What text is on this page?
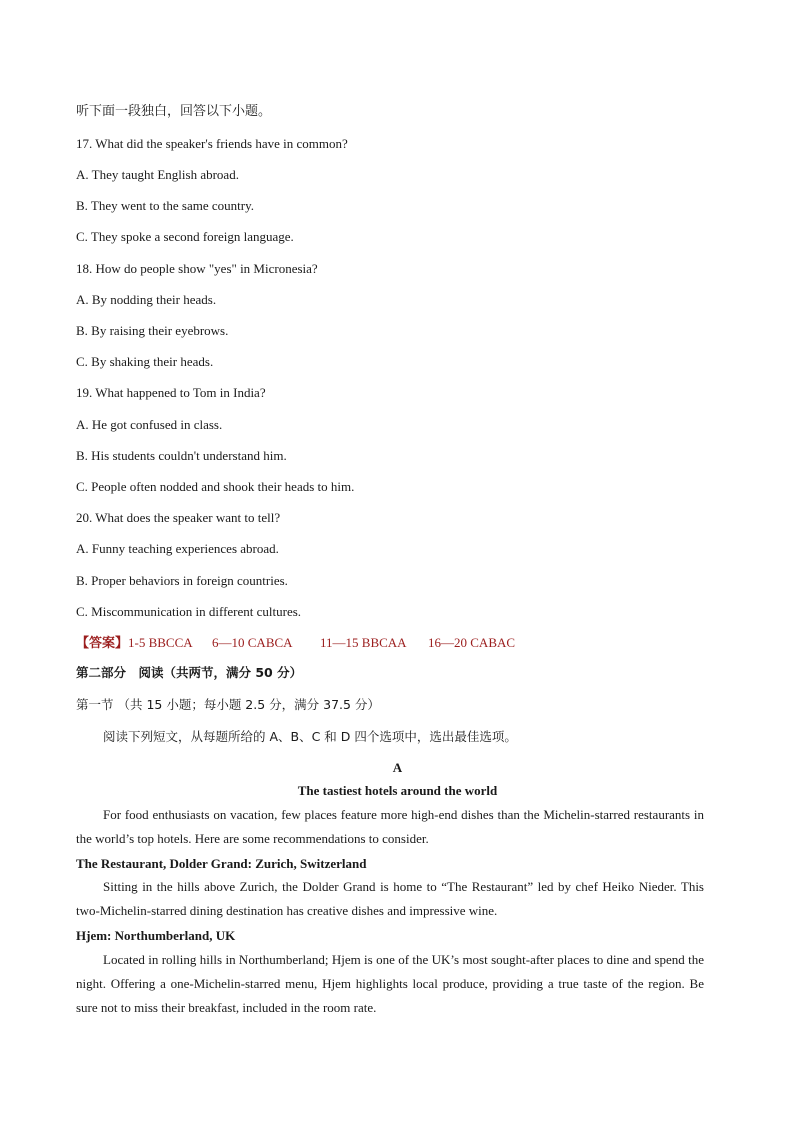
听下面一段独白，回答以下小题。
17. What did the speaker's friends have in common?
A. They taught English abroad.
B. They went to the same country.
C. They spoke a second foreign language.
18. How do people show "yes" in Micronesia?
A. By nodding their heads.
B. By raising their eyebrows.
C. By shaking their heads.
19. What happened to Tom in India?
A. He got confused in class.
B. His students couldn't understand him.
C. People often nodded and shook their heads to him.
20. What does the speaker want to tell?
A. Funny teaching experiences abroad.
B. Proper behaviors in foreign countries.
C. Miscommunication in different cultures.
【答案】1-5 BBCCA 6—10 CABCA 11—15 BBCAA 16—20 CABAC
第二部分　阅读（共两节，满分 50 分）
第一节 （共 15 小题；每小题 2.5 分，满分 37.5 分）
阅读下列短文，从每题所给的 A、B、C 和 D 四个选项中，选出最佳选项。
A
The tastiest hotels around the world
For food enthusiasts on vacation, few places feature more high-end dishes than the Michelin-starred restaurants in the world’s top hotels. Here are some recommendations to consider.
The Restaurant, Dolder Grand: Zurich, Switzerland
Sitting in the hills above Zurich, the Dolder Grand is home to “The Restaurant” led by chef Heiko Nieder. This two-Michelin-starred dining destination has creative dishes and impressive wine.
Hjem: Northumberland, UK
Located in rolling hills in Northumberland; Hjem is one of the UK’s most sought-after places to dine and spend the night. Offering a one-Michelin-starred menu, Hjem highlights local produce, providing a true taste of the region. Be sure not to miss their breakfast, included in the room rate.
